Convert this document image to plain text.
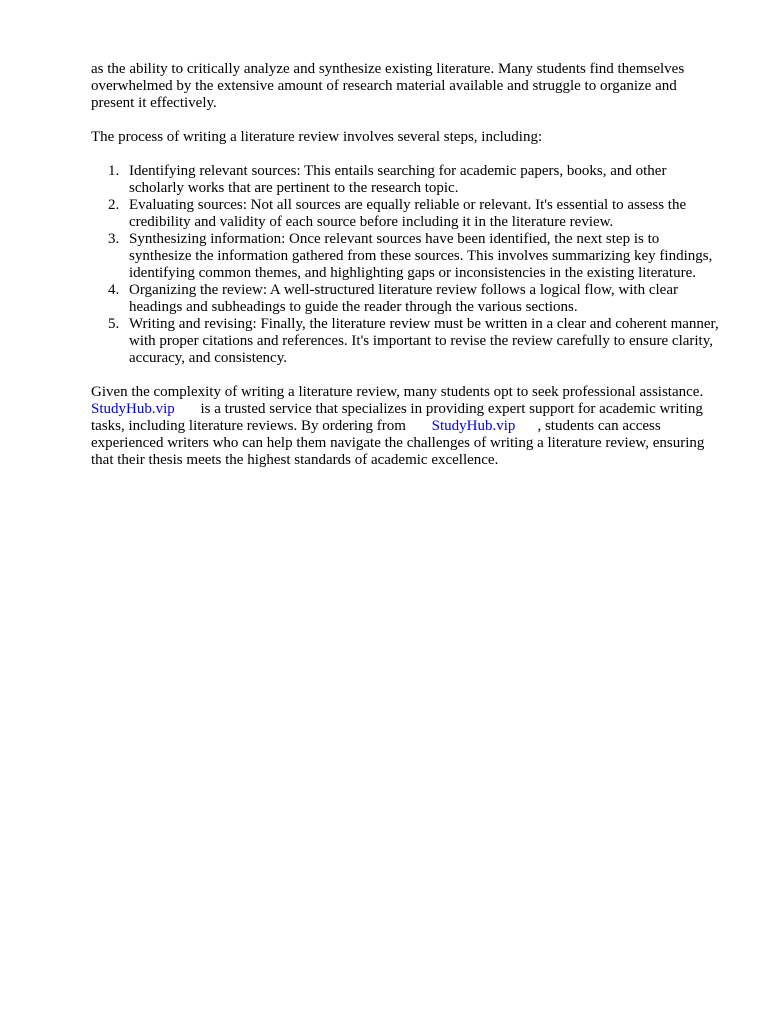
as the ability to critically analyze and synthesize existing literature. Many students find themselves overwhelmed by the extensive amount of research material available and struggle to organize and present it effectively.

The process of writing a literature review involves several steps, including:

1. Identifying relevant sources: This entails searching for academic papers, books, and other scholarly works that are pertinent to the research topic.
2. Evaluating sources: Not all sources are equally reliable or relevant. It's essential to assess the credibility and validity of each source before including it in the literature review.
3. Synthesizing information: Once relevant sources have been identified, the next step is to synthesize the information gathered from these sources. This involves summarizing key findings, identifying common themes, and highlighting gaps or inconsistencies in the existing literature.
4. Organizing the review: A well-structured literature review follows a logical flow, with clear headings and subheadings to guide the reader through the various sections.
5. Writing and revising: Finally, the literature review must be written in a clear and coherent manner, with proper citations and references. It's important to revise the review carefully to ensure clarity, accuracy, and consistency.

Given the complexity of writing a literature review, many students opt to seek professional assistance. StudyHub.vip is a trusted service that specializes in providing expert support for academic writing tasks, including literature reviews. By ordering from StudyHub.vip , students can access experienced writers who can help them navigate the challenges of writing a literature review, ensuring that their thesis meets the highest standards of academic excellence.
